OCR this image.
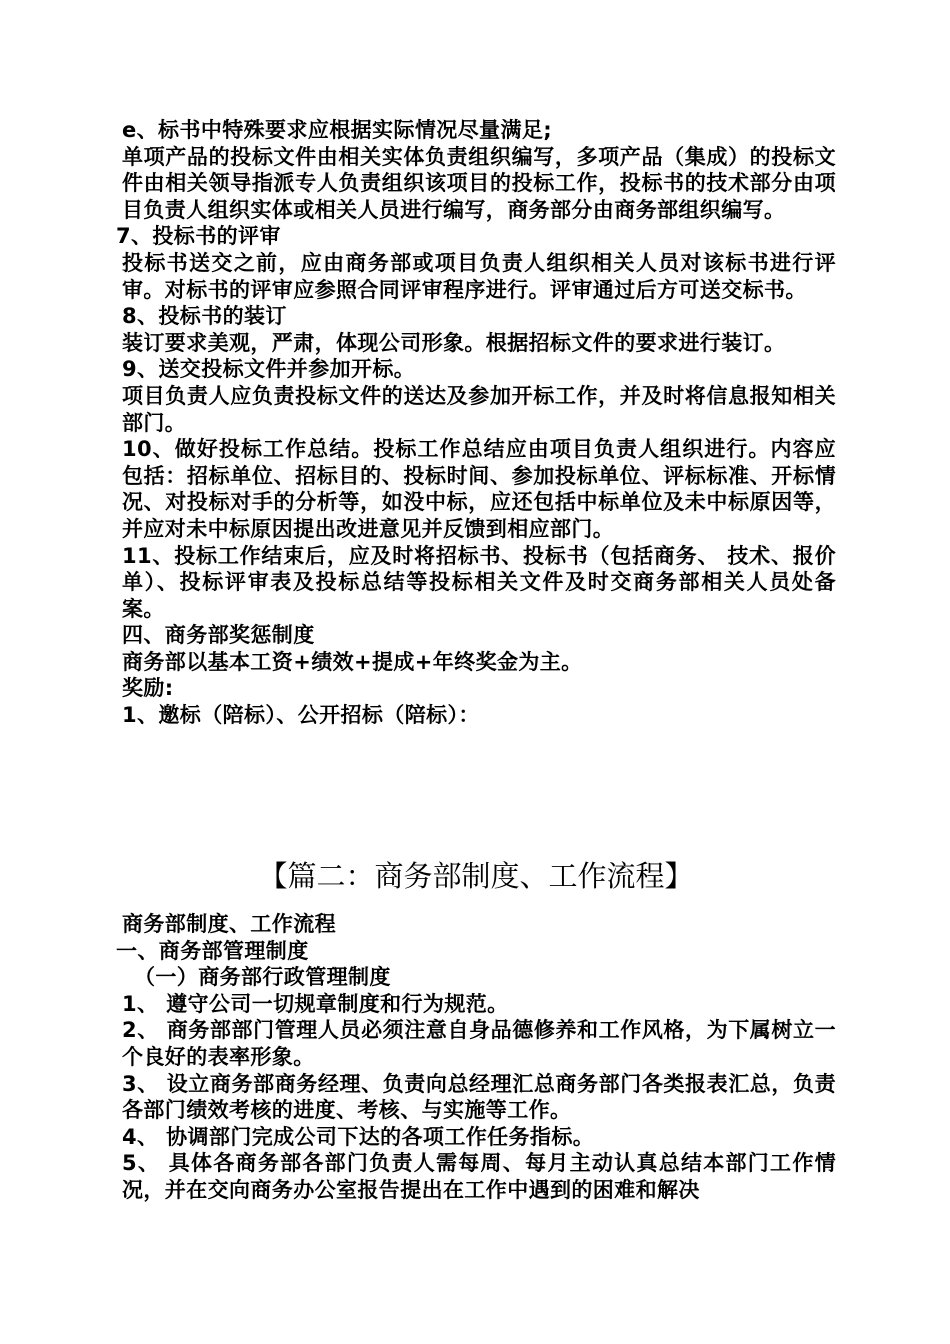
e、标书中特殊要求应根据实际情况尽量满足;

单项产品的投标文件由相关实体负责组织编写，多项产品（集成）的投标文件由相关领导指派专人负责组织该项目的投标工作，投标书的技术部分由项目负责人组织实体或相关人员进行编写，商务部分由商务部组织编写。

7、投标书的评审

投标书送交之前，应由商务部或项目负责人组织相关人员对该标书进行评审。对标书的评审应参照合同评审程序进行。评审通过后方可送交标书。

8、投标书的装订

装订要求美观，严肃，体现公司形象。根据招标文件的要求进行装订。

9、送交投标文件并参加开标。

项目负责人应负责投标文件的送达及参加开标工作，并及时将信息报知相关部门。

10、做好投标工作总结。投标工作总结应由项目负责人组织进行。内容应包括：招标单位、招标目的、投标时间、参加投标单位、评标标准、开标情况、对投标对手的分析等，如没中标，应还包括中标单位及未中标原因等，并应对未中标原因提出改进意见并反馈到相应部门。

11、投标工作结束后，应及时将招标书、投标书（包括商务、 技术、报价单）、投标评审表及投标总结等投标相关文件及时交商务部相关人员处备案。

四、商务部奖惩制度

商务部以基本工资+绩效+提成+年终奖金为主。

奖励:

1、邀标（陪标）、公开招标（陪标）：

【篇二：商务部制度、工作流程】

商务部制度、工作流程

一、商务部管理制度

（一）商务部行政管理制度

1、 遵守公司一切规章制度和行为规范。

2、 商务部部门管理人员必须注意自身品德修养和工作风格，为下属树立一个良好的表率形象。

3、 设立商务部商务经理、负责向总经理汇总商务部门各类报表汇总，负责各部门绩效考核的进度、考核、与实施等工作。

4、 协调部门完成公司下达的各项工作任务指标。

5、 具体各商务部各部门负责人需每周、每月主动认真总结本部门工作情况，并在交向商务办公室报告提出在工作中遇到的困难和解决
